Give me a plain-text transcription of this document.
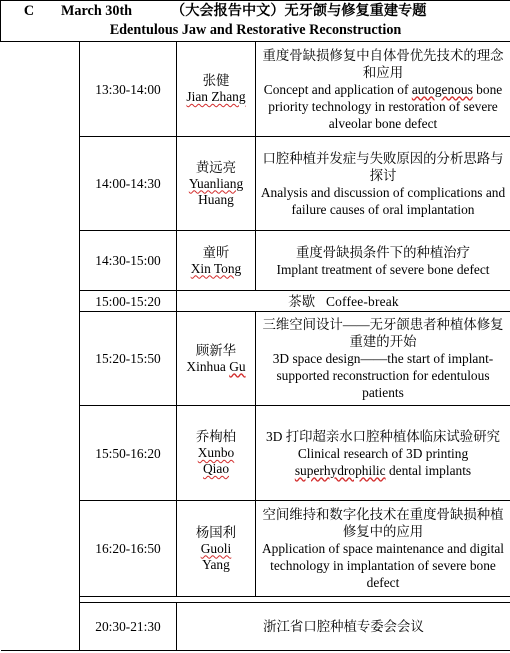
C March 30th （大会报告中文）无牙颌与修复重建专题
Edentulous Jaw and Restorative Reconstruction			

	13:30-14:00	张健
Jian Zhang	重度骨缺损修复中自体骨优先技术的理念和应用
Concept and application of autogenous bone priority technology in restoration of severe alveolar bone defect

	14:00-14:30	黄远亮
Yuanliang
Huang	口腔种植并发症与失败原因的分析思路与探讨
Analysis and discussion of complications and failure causes of oral implantation

	14:30-15:00	童昕
Xin Tong	重度骨缺损条件下的种植治疗
Implant treatment of severe bone defect

	15:00-15:20	茶歇   Coffee-break	
	15:20-15:50	顾新华
Xinhua Gu	三维空间设计——无牙颌患者种植体修复重建的开始
3D space design——the start of implant-supported reconstruction for edentulous patients

	15:50-16:20	乔栒柏
Xunbo
Qiao	3D 打印超亲水口腔种植体临床试验研究
Clinical research of 3D printing superhydrophilic dental implants

	16:20-16:50	杨国利
Guoli
Yang	空间维持和数字化技术在重度骨缺损种植修复中的应用
Application of space maintenance and digital technology in implantation of severe bone defect

	20:30-21:30	浙江省口腔种植专委会会议	
